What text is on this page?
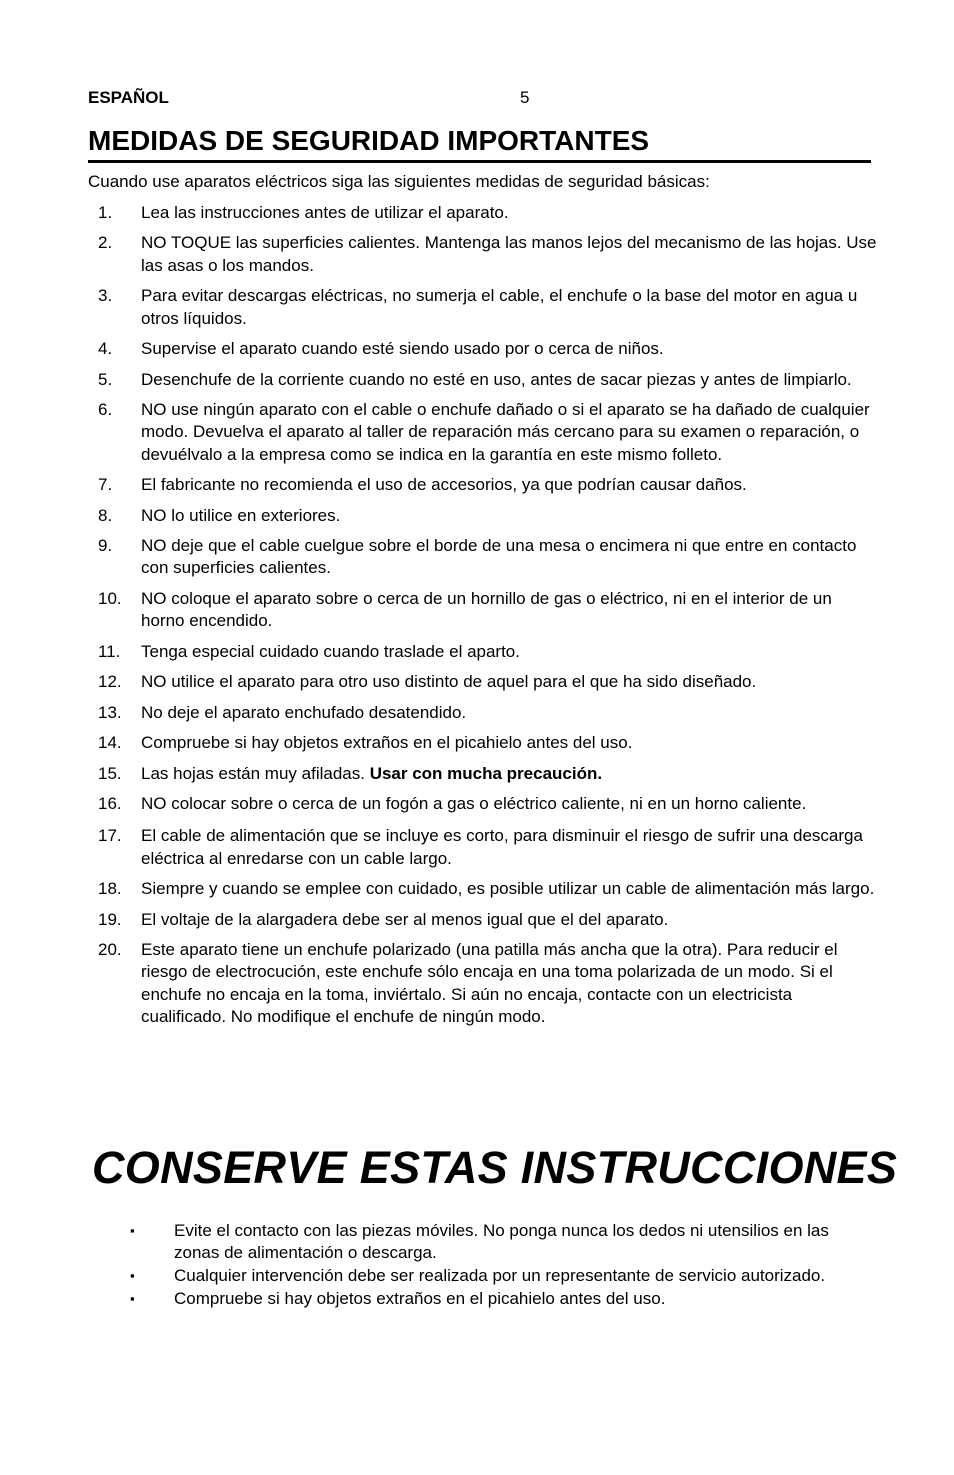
ESPAÑOL	5
MEDIDAS DE SEGURIDAD IMPORTANTES
Cuando use aparatos eléctricos siga las siguientes medidas de seguridad básicas:
1. Lea las instrucciones antes de utilizar el aparato.
2. NO TOQUE las superficies calientes. Mantenga las manos lejos del mecanismo de las hojas. Use las asas o los mandos.
3. Para evitar descargas eléctricas, no sumerja el cable, el enchufe o la base del motor en agua u otros líquidos.
4. Supervise el aparato cuando esté siendo usado por o cerca de niños.
5. Desenchufe de la corriente cuando no esté en uso, antes de sacar piezas y antes de limpiarlo.
6. NO use ningún aparato con el cable o enchufe dañado o si el aparato se ha dañado de cualquier modo. Devuelva el aparato al taller de reparación más cercano para su examen o reparación, o devuélvalo a la empresa como se indica en la garantía en este mismo folleto.
7. El fabricante no recomienda el uso de accesorios, ya que podrían causar daños.
8. NO lo utilice en exteriores.
9. NO deje que el cable cuelgue sobre el borde de una mesa o encimera ni que entre en contacto con superficies calientes.
10. NO coloque el aparato sobre o cerca de un hornillo de gas o eléctrico, ni en el interior de un horno encendido.
11. Tenga especial cuidado cuando traslade el aparto.
12. NO utilice el aparato para otro uso distinto de aquel para el que ha sido diseñado.
13. No deje el aparato enchufado desatendido.
14. Compruebe si hay objetos extraños en el picahielo antes del uso.
15. Las hojas están muy afiladas. Usar con mucha precaución.
16. NO colocar sobre o cerca de un fogón a gas o eléctrico caliente, ni en un horno caliente.
17. El cable de alimentación que se incluye es corto, para disminuir el riesgo de sufrir una descarga eléctrica al enredarse con un cable largo.
18. Siempre y cuando se emplee con cuidado, es posible utilizar un cable de alimentación más largo.
19. El voltaje de la alargadera debe ser al menos igual que el del aparato.
20. Este aparato tiene un enchufe polarizado (una patilla más ancha que la otra). Para reducir el riesgo de electrocución, este enchufe sólo encaja en una toma polarizada de un modo. Si el enchufe no encaja en la toma, inviértalo. Si aún no encaja, contacte con un electricista cualificado. No modifique el enchufe de ningún modo.
CONSERVE ESTAS INSTRUCCIONES
▪ Evite el contacto con las piezas móviles. No ponga nunca los dedos ni utensilios en las zonas de alimentación o descarga.
▪ Cualquier intervención debe ser realizada por un representante de servicio autorizado.
▪ Compruebe si hay objetos extraños en el picahielo antes del uso.
